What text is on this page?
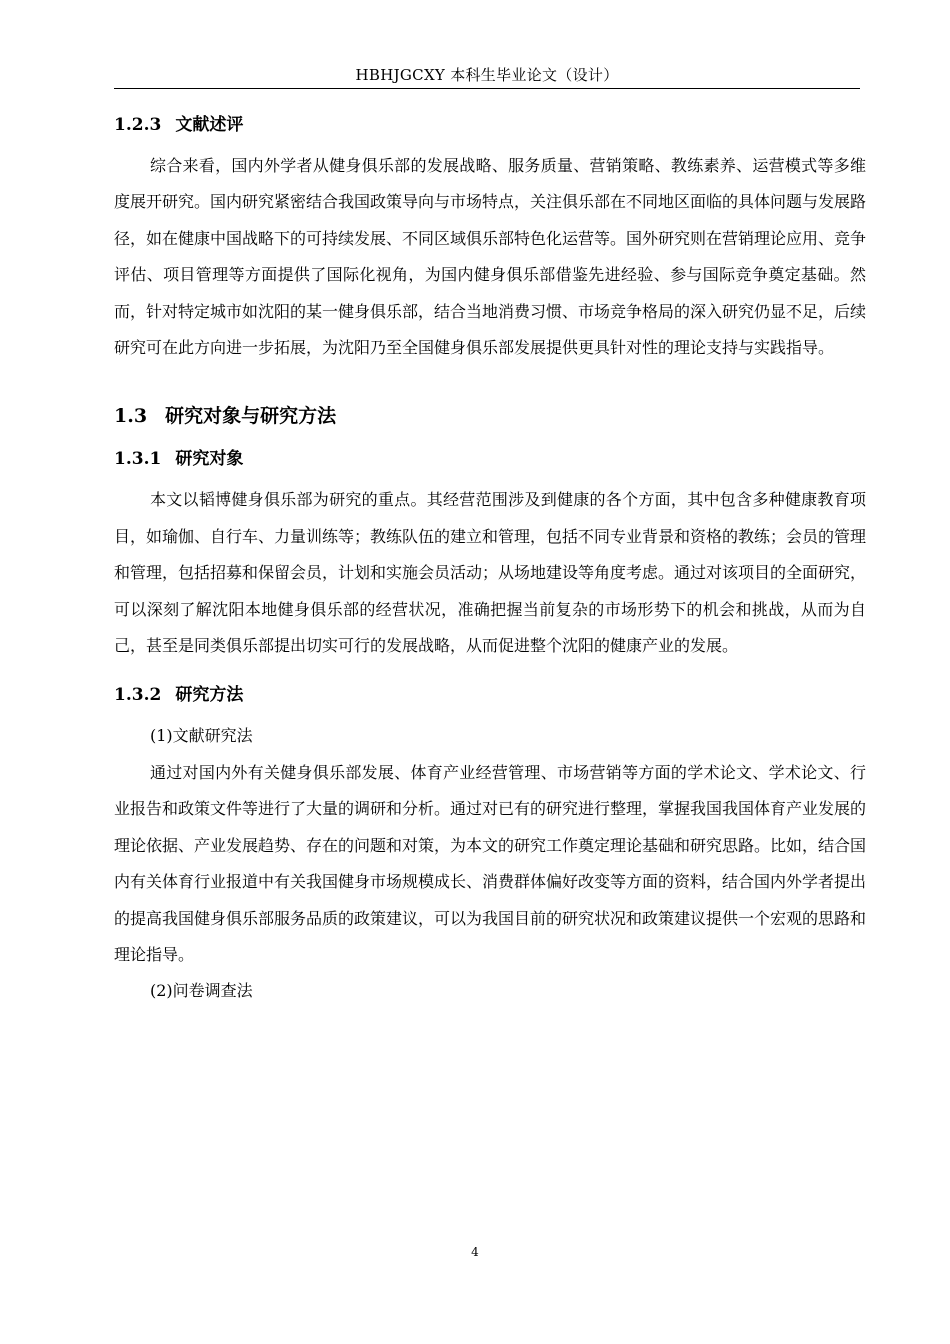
HBHJGCXY 本科生毕业论文（设计）
1.2.3 文献述评

综合来看，国内外学者从健身俱乐部的发展战略、服务质量、营销策略、教练素养、运营模式等多维度展开研究。国内研究紧密结合我国政策导向与市场特点，关注俱乐部在不同地区面临的具体问题与发展路径，如在健康中国战略下的可持续发展、不同区域俱乐部特色化运营等。国外研究则在营销理论应用、竞争评估、项目管理等方面提供了国际化视角，为国内健身俱乐部借鉴先进经验、参与国际竞争奠定基础。然而，针对特定城市如沈阳的某一健身俱乐部，结合当地消费习惯、市场竞争格局的深入研究仍显不足，后续研究可在此方向进一步拓展，为沈阳乃至全国健身俱乐部发展提供更具针对性的理论支持与实践指导。

1.3 研究对象与研究方法
1.3.1 研究对象

本文以韬博健身俱乐部为研究的重点。其经营范围涉及到健康的各个方面，其中包含多种健康教育项目，如瑜伽、自行车、力量训练等；教练队伍的建立和管理，包括不同专业背景和资格的教练；会员的管理和管理，包括招募和保留会员，计划和实施会员活动；从场地建设等角度考虑。通过对该项目的全面研究，可以深刻了解沈阳本地健身俱乐部的经营状况，准确把握当前复杂的市场形势下的机会和挑战，从而为自己，甚至是同类俱乐部提出切实可行的发展战略，从而促进整个沈阳的健康产业的发展。

1.3.2 研究方法

(1)文献研究法

通过对国内外有关健身俱乐部发展、体育产业经营管理、市场营销等方面的学术论文、学术论文、行业报告和政策文件等进行了大量的调研和分析。通过对已有的研究进行整理，掌握我国我国体育产业发展的理论依据、产业发展趋势、存在的问题和对策，为本文的研究工作奠定理论基础和研究思路。比如，结合国内有关体育行业报道中有关我国健身市场规模成长、消费群体偏好改变等方面的资料，结合国内外学者提出的提高我国健身俱乐部服务品质的政策建议，可以为我国目前的研究状况和政策建议提供一个宏观的思路和理论指导。

(2)问卷调查法

4
